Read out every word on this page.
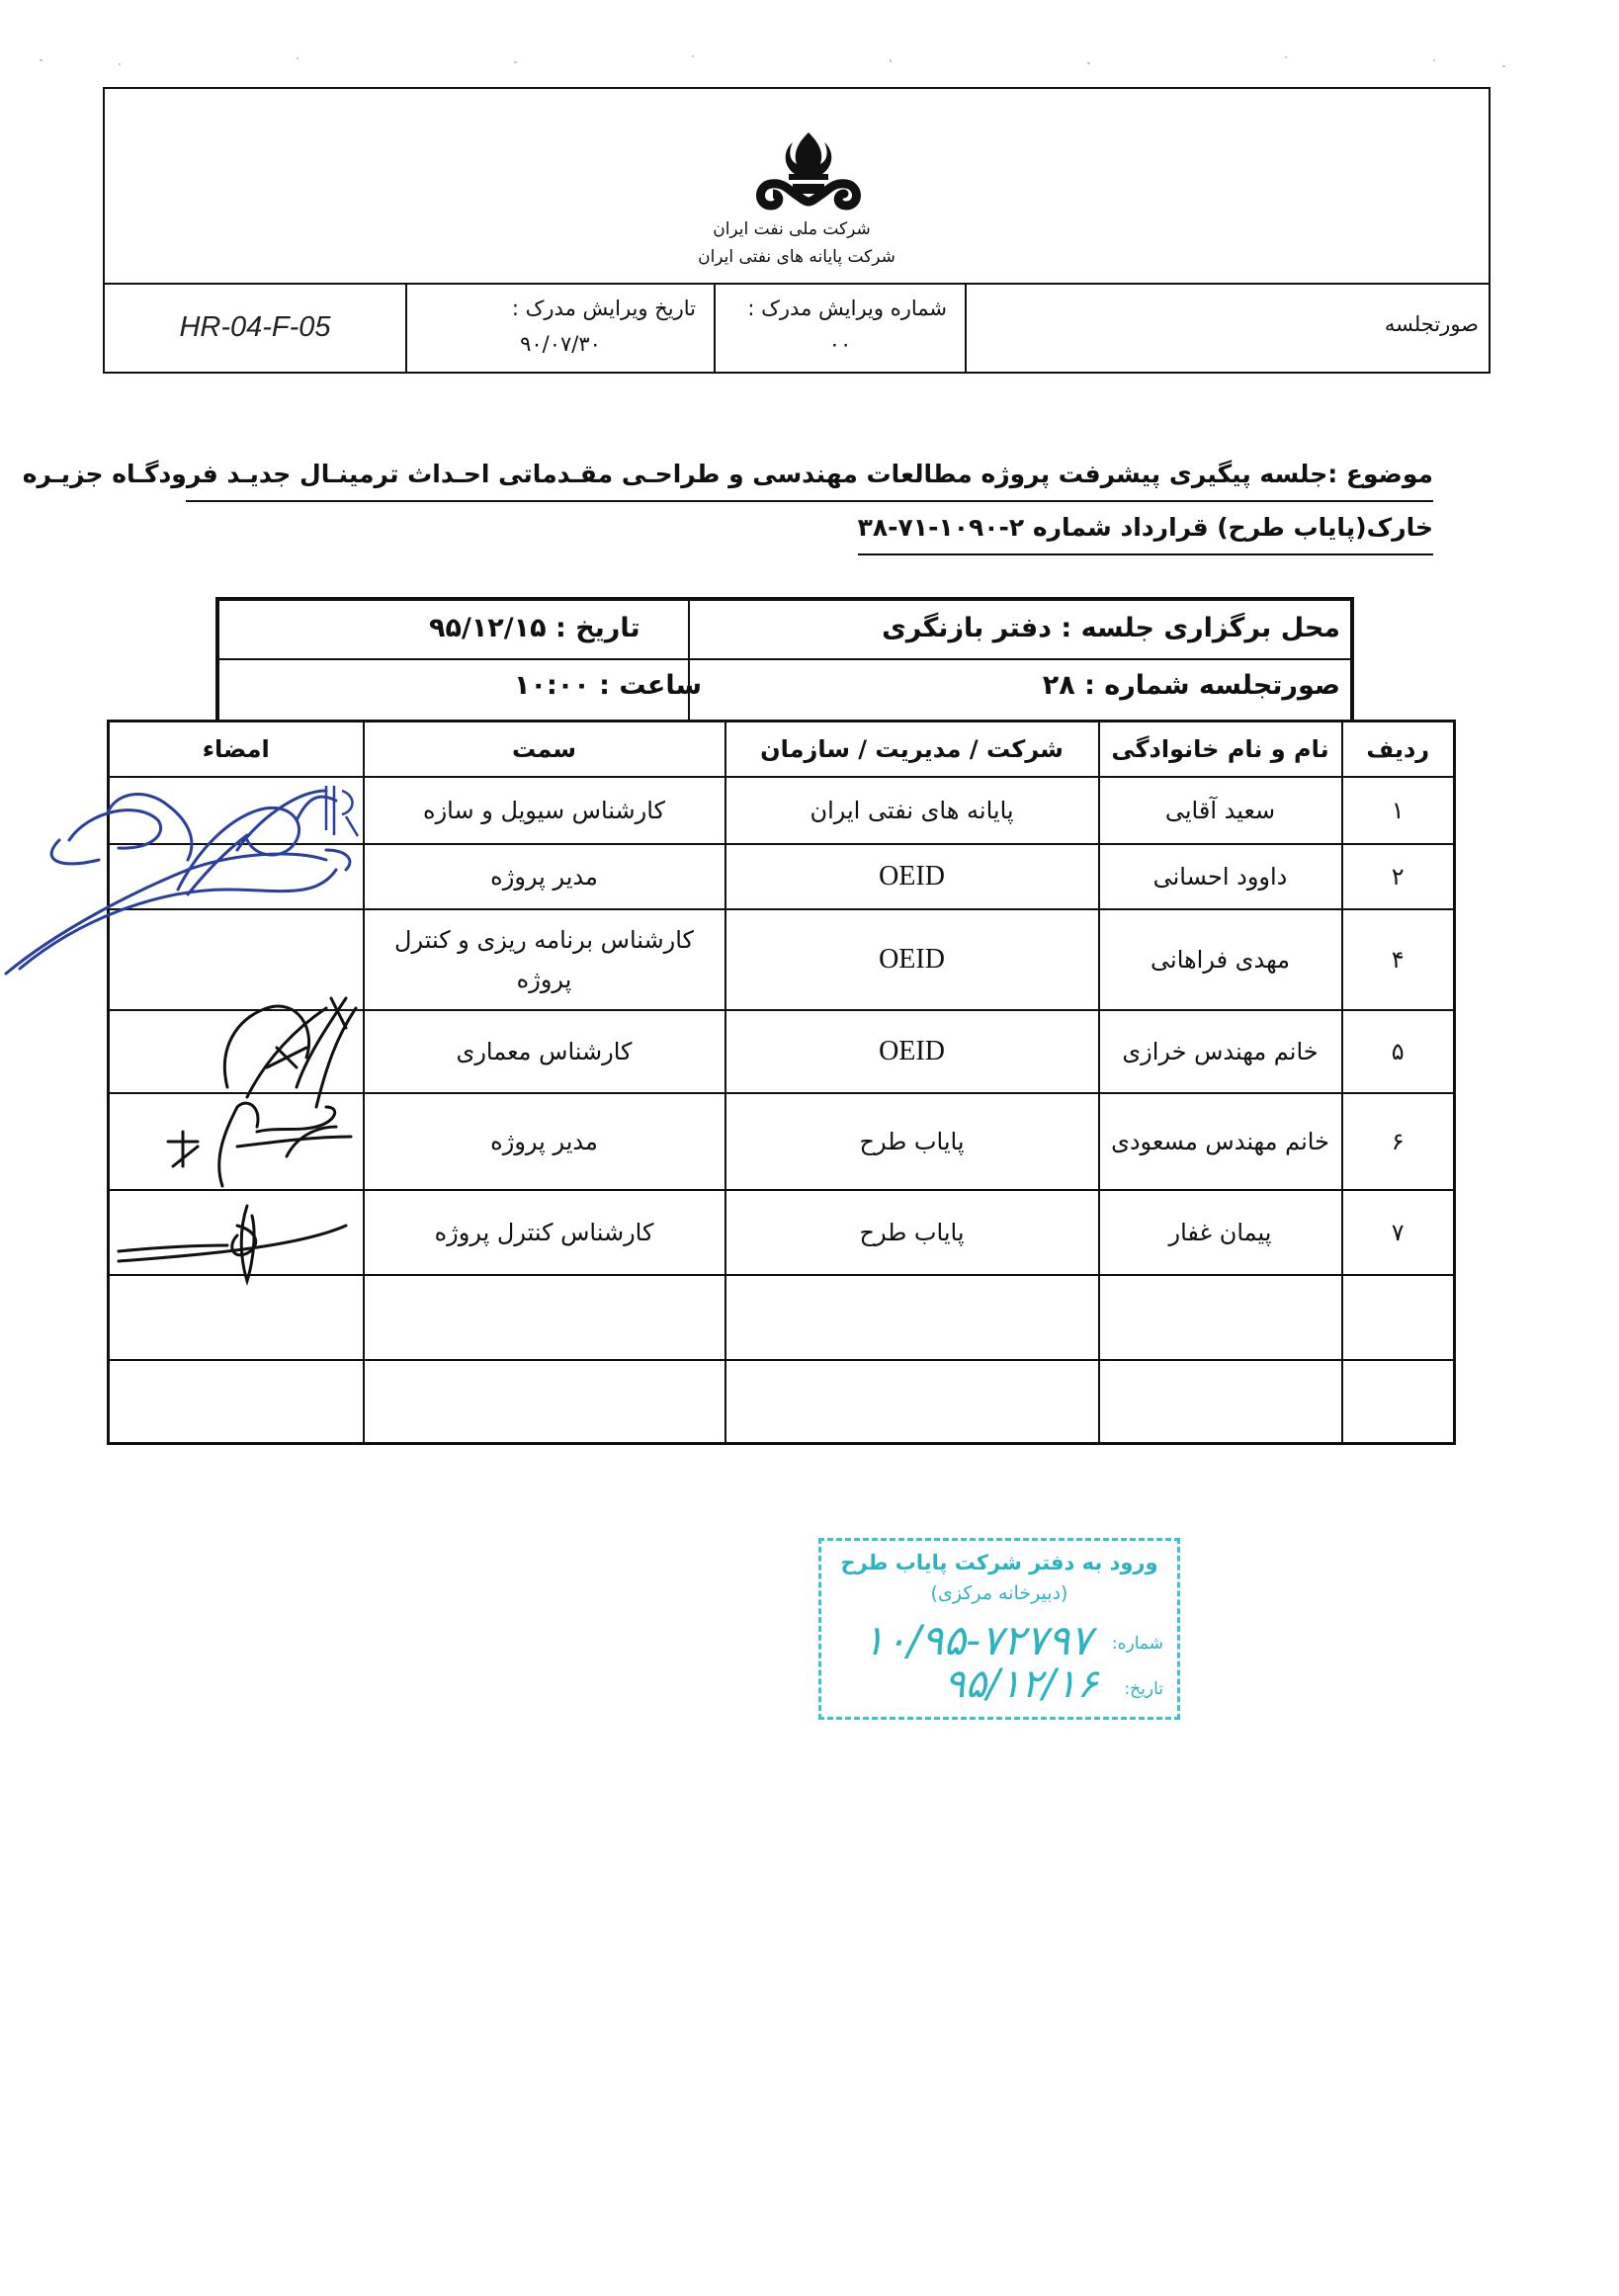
شرکت ملی نفت ایران
شرکت پایانه های نفتی ایران
HR-04-F-05
تاریخ ویرایش مدرک :
۹۰/۰۷/۳۰
شماره ویرایش مدرک :
۰۰
صورتجلسه
موضوع :جلسه پیگیری پیشرفت پروژه مطالعات مهندسی و طراحـی مقـدماتی احـداث ترمینـال جدیـد فرودگـاه جزیـره
خارک(پایاب طرح) قرارداد شماره ۲-۱۰۹۰-۷۱-۳۸
محل برگزاری جلسه : دفتر بازنگری
تاریخ : ۹۵/۱۲/۱۵
صورتجلسه شماره : ۲۸
ساعت : ۱۰:۰۰
ردیف	نام و نام خانوادگی	شرکت / مدیریت / سازمان	سمت	امضاء
۱	سعید آقایی	پایانه های نفتی ایران	کارشناس سیویل و سازه	
۲	داوود احسانی	OEID	مدیر پروژه	
۴	مهدی فراهانی	OEID	کارشناس برنامه ریزی و کنترل پروژه	
۵	خانم مهندس خرازی	OEID	کارشناس معماری	
۶	خانم مهندس مسعودی	پایاب طرح	مدیر پروژه	
۷	پیمان غفار	پایاب طرح	کارشناس کنترل پروژه	

ورود به دفتر شرکت پایاب طرح
(دبیرخانه مرکزی)
شماره:
۱۰/۹۵-۷۲۷۹۷
تاریخ:
۹۵/۱۲/۱۶
